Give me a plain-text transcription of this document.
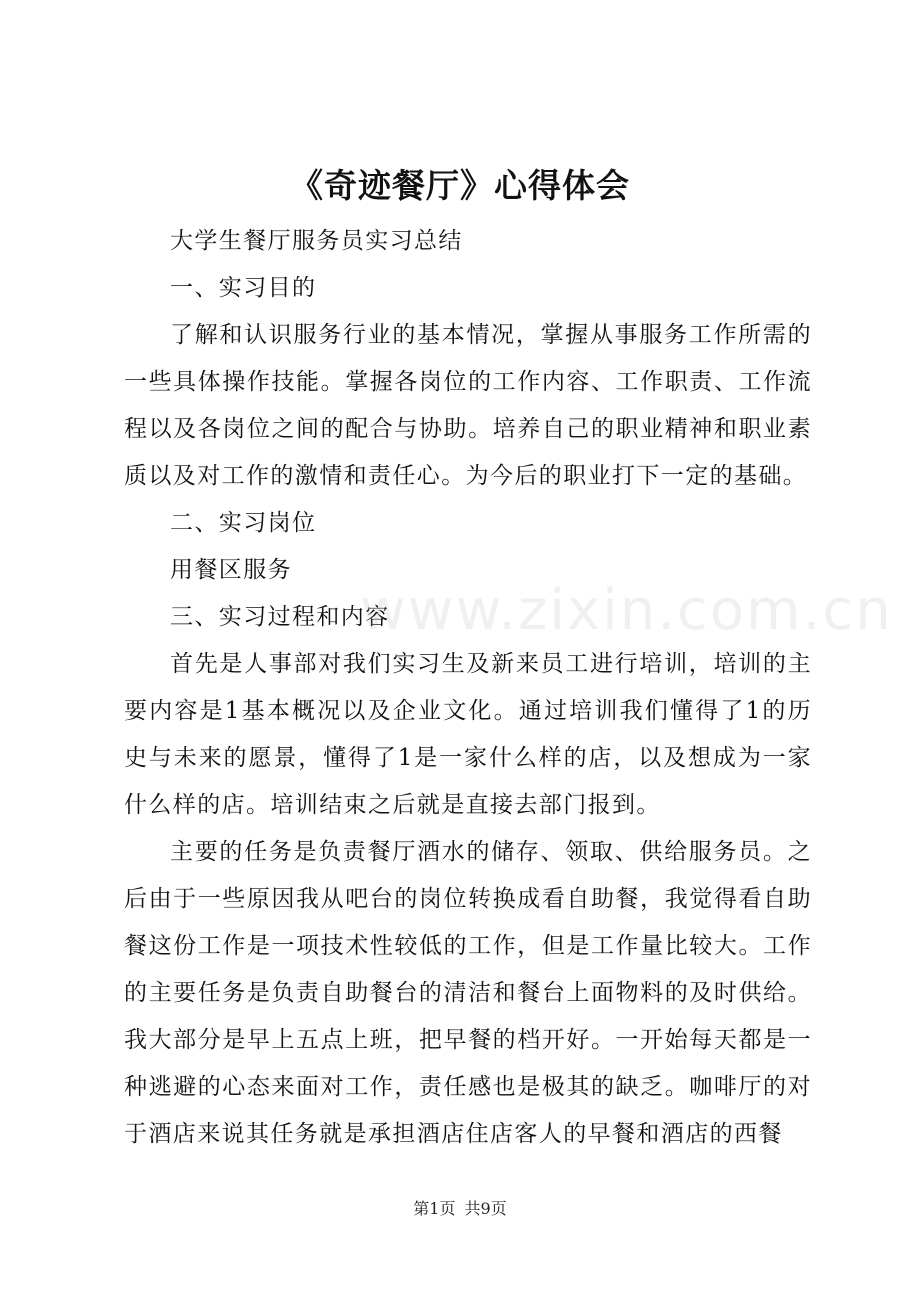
《奇迹餐厅》心得体会

大学生餐厅服务员实习总结

一、实习目的

了解和认识服务行业的基本情况，掌握从事服务工作所需的一些具体操作技能。掌握各岗位的工作内容、工作职责、工作流程以及各岗位之间的配合与协助。培养自己的职业精神和职业素质以及对工作的激情和责任心。为今后的职业打下一定的基础。

二、实习岗位

用餐区服务

三、实习过程和内容

首先是人事部对我们实习生及新来员工进行培训，培训的主要内容是1基本概况以及企业文化。通过培训我们懂得了1的历史与未来的愿景，懂得了1是一家什么样的店，以及想成为一家什么样的店。培训结束之后就是直接去部门报到。

主要的任务是负责餐厅酒水的储存、领取、供给服务员。之后由于一些原因我从吧台的岗位转换成看自助餐，我觉得看自助餐这份工作是一项技术性较低的工作，但是工作量比较大。工作的主要任务是负责自助餐台的清洁和餐台上面物料的及时供给。我大部分是早上五点上班，把早餐的档开好。一开始每天都是一种逃避的心态来面对工作，责任感也是极其的缺乏。咖啡厅的对于酒店来说其任务就是承担酒店住店客人的早餐和酒店的西餐

www.zixin.com.cn
第1页 共9页
